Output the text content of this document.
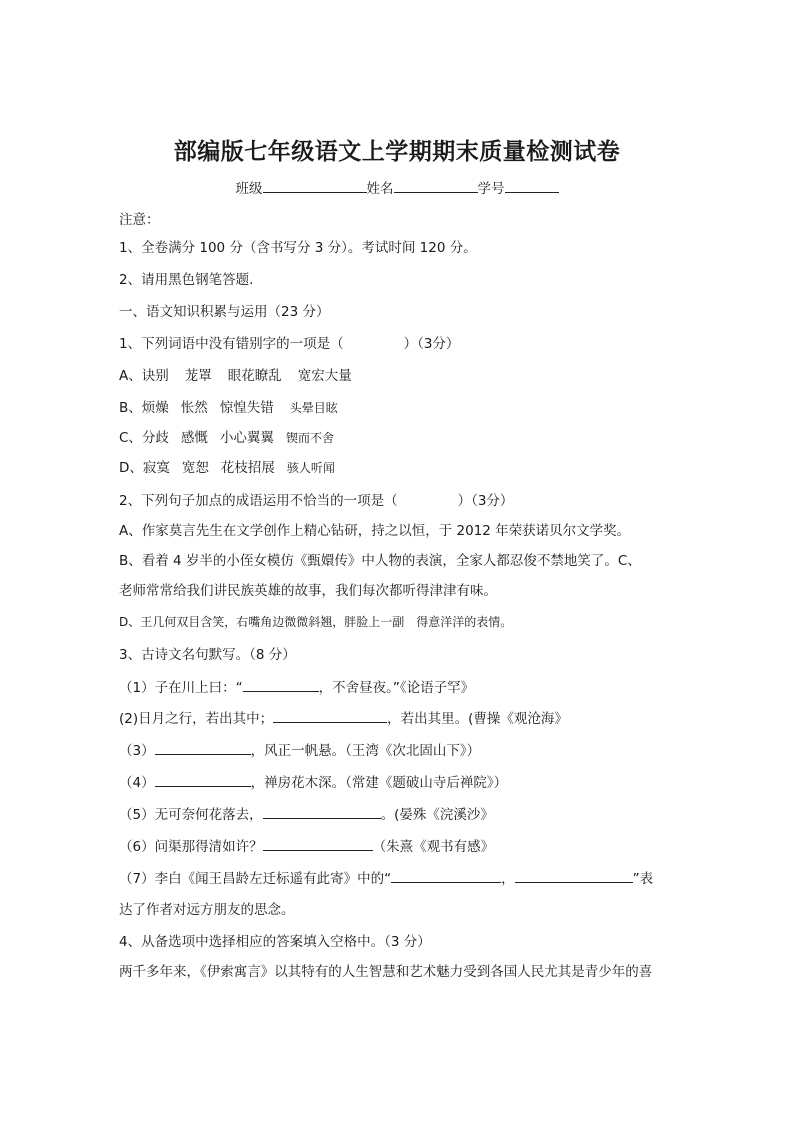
部编版七年级语文上学期期末质量检测试卷
班级	姓名	学号
注意：
1、全卷满分 100 分（含书写分 3 分）。考试时间 120 分。
2、请用黑色钢笔答题.
一、语文知识积累与运用（23 分）
1、下列词语中没有错别字的一项是（	）（3分）
A、诀别 茏罩 眼花瞭乱 宽宏大量
B、烦燥 怅然 惊惶失错 头晕目眩
C、分歧 感慨 小心翼翼 锲而不舍
D、寂寞 宽恕 花枝招展 骇人听闻
2、下列句子加点的成语运用不恰当的一项是（	）（3分）
A、作家莫言先生在文学创作上精心钻研，持之以恒，于 2012 年荣获诺贝尔文学奖。
B、看着 4 岁半的小侄女模仿《甄嬛传》中人物的表演，全家人都忍俊不禁地笑了。C、
老师常常给我们讲民族英雄的故事，我们每次都听得津津有味。
D、王几何双目含笑，右嘴角边微微斜翘，胖脸上一副　得意洋洋的表情。
3、古诗文名句默写。（8 分）
（1）子在川上曰：“	，不舍昼夜。”《论语子罕》
(2)日月之行，若出其中；	，若出其里。(曹操《观沧海》
（3）	，风正一帆悬。（王湾《次北固山下》）
（4）	，禅房花木深。（常建《题破山寺后禅院》）
（5）无可奈何花落去，	。(晏殊《浣溪沙》
（6）问渠那得清如许？	（朱熹《观书有感》
（7）李白《闻王昌龄左迁标遥有此寄》中的“	，	”表
达了作者对远方朋友的思念。
4、从备选项中选择相应的答案填入空格中。（3 分）
两千多年来，《伊索寓言》以其特有的人生智慧和艺术魅力受到各国人民尤其是青少年的喜
